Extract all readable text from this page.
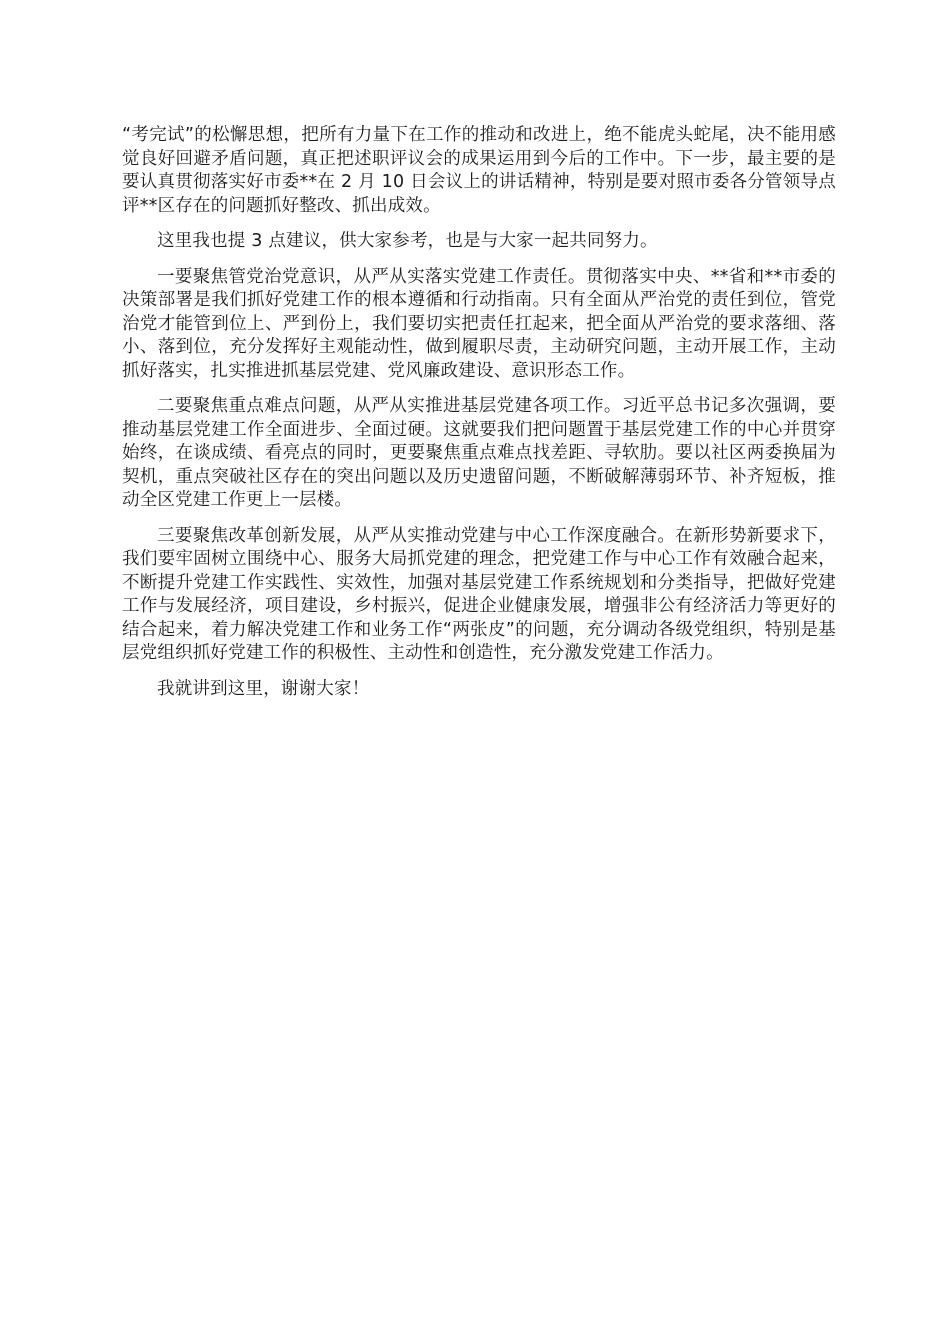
“考完试”的松懈思想，把所有力量下在工作的推动和改进上，绝不能虎头蛇尾，决不能用感觉良好回避矛盾问题，真正把述职评议会的成果运用到今后的工作中。下一步，最主要的是要认真贯彻落实好市委**在 2 月 10 日会议上的讲话精神，特别是要对照市委各分管领导点评**区存在的问题抓好整改、抓出成效。

这里我也提 3 点建议，供大家参考，也是与大家一起共同努力。

一要聚焦管党治党意识，从严从实落实党建工作责任。贯彻落实中央、**省和**市委的决策部署是我们抓好党建工作的根本遵循和行动指南。只有全面从严治党的责任到位，管党治党才能管到位上、严到份上，我们要切实把责任扛起来，把全面从严治党的要求落细、落小、落到位，充分发挥好主观能动性，做到履职尽责，主动研究问题，主动开展工作，主动抓好落实，扎实推进抓基层党建、党风廉政建设、意识形态工作。

二要聚焦重点难点问题，从严从实推进基层党建各项工作。习近平总书记多次强调，要推动基层党建工作全面进步、全面过硬。这就要我们把问题置于基层党建工作的中心并贯穿始终，在谈成绩、看亮点的同时，更要聚焦重点难点找差距、寻软肋。要以社区两委换届为契机，重点突破社区存在的突出问题以及历史遗留问题，不断破解薄弱环节、补齐短板，推动全区党建工作更上一层楼。

三要聚焦改革创新发展，从严从实推动党建与中心工作深度融合。在新形势新要求下，我们要牢固树立围绕中心、服务大局抓党建的理念，把党建工作与中心工作有效融合起来，不断提升党建工作实践性、实效性，加强对基层党建工作系统规划和分类指导，把做好党建工作与发展经济，项目建设，乡村振兴，促进企业健康发展，增强非公有经济活力等更好的结合起来，着力解决党建工作和业务工作“两张皮”的问题，充分调动各级党组织，特别是基层党组织抓好党建工作的积极性、主动性和创造性，充分激发党建工作活力。

我就讲到这里，谢谢大家！
